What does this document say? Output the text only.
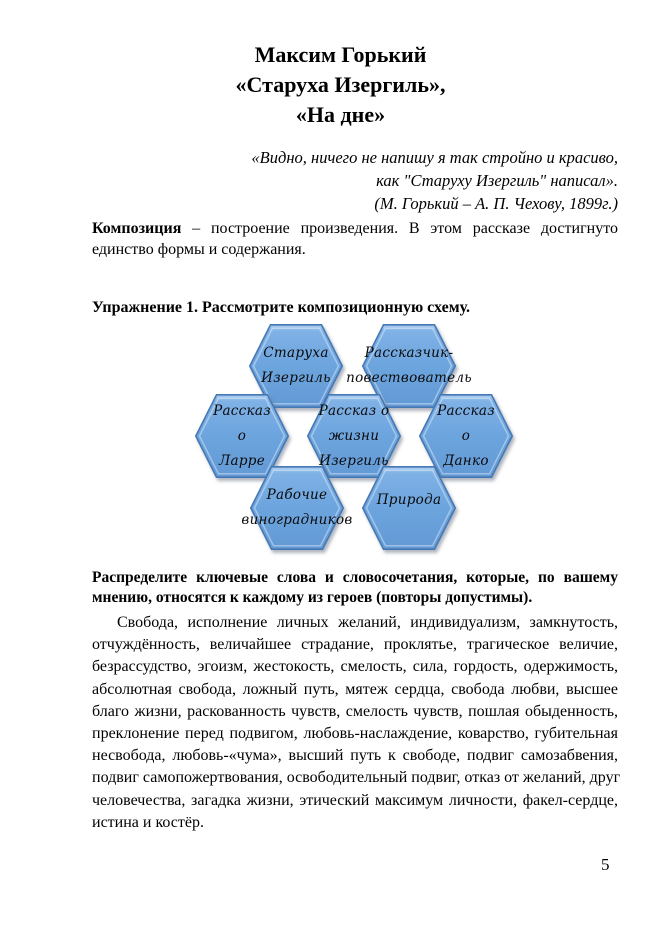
Максим Горький
«Старуха Изергиль»,
«На дне»
«Видно, ничего не напишу я так стройно и красиво,
как "Старуху Изергиль" написал».
(М. Горький – А. П. Чехову, 1899г.)
Композиция – построение произведения. В этом рассказе достигнуто
единство формы и содержания.
Упражнение 1. Рассмотрите композиционную схему.
Старуха
Изергиль
Рассказчик-
повествователь
Рассказ
о
Ларре
Рассказ о
жизни
Изергиль
Рассказ
о
Данко
Рабочие
виноградников
Природа
Распределите ключевые слова и словосочетания, которые, по вашему
мнению, относятся к каждому из героев (повторы допустимы).
Свобода, исполнение личных желаний, индивидуализм, замкнутость,
отчуждённость, величайшее страдание, проклятье, трагическое величие,
безрассудство, эгоизм, жестокость, смелость, сила, гордость, одержимость,
абсолютная свобода, ложный путь, мятеж сердца, свобода любви, высшее
благо жизни, раскованность чувств, смелость чувств, пошлая обыденность,
преклонение перед подвигом, любовь-наслаждение, коварство, губительная
несвобода, любовь-«чума», высший путь к свободе, подвиг самозабвения,
подвиг самопожертвования, освободительный подвиг, отказ от желаний, друг
человечества, загадка жизни, этический максимум личности, факел-сердце,
истина и костёр.
5
